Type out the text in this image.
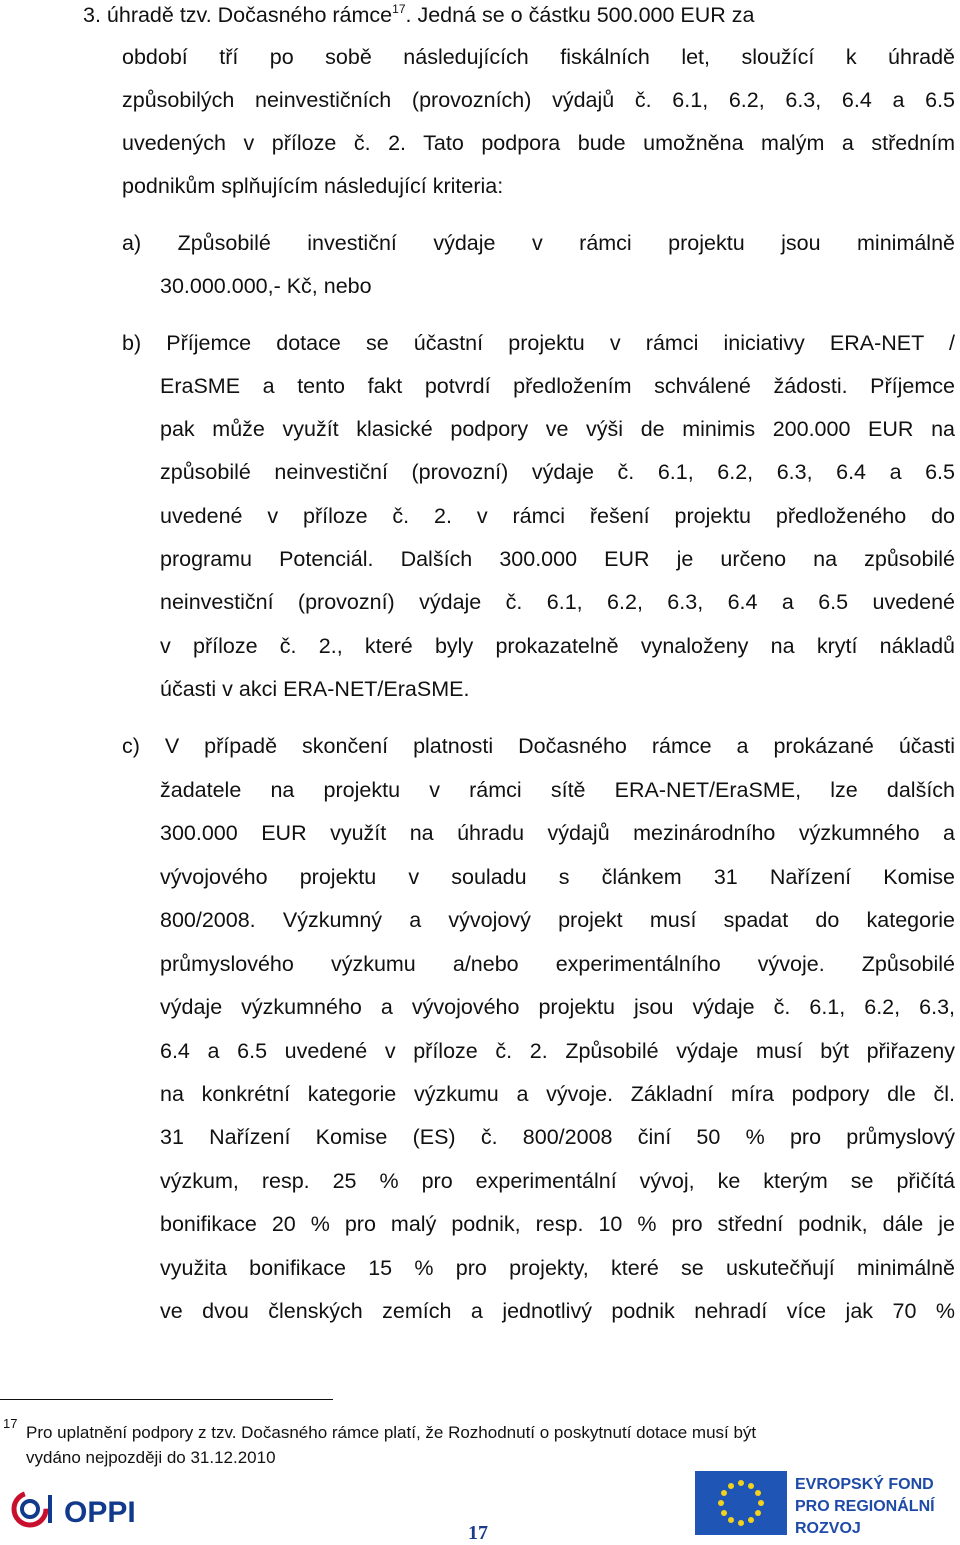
3. úhradě tzv. Dočasného rámce$^{17}$. Jedná se o částku 500.000 EUR za
období tří po sobě následujících fiskálních let, sloužící k úhradě
způsobilých neinvestičních (provozních) výdajů č. 6.1, 6.2, 6.3, 6.4 a 6.5
uvedených v příloze č. 2. Tato podpora bude umožněna malým a středním
podnikům splňujícím následující kriteria:
a) Způsobilé investiční výdaje v rámci projektu jsou minimálně
30.000.000,- Kč, nebo
b) Příjemce dotace se účastní projektu v rámci iniciativy ERA-NET /
EraSME a tento fakt potvrdí předložením schválené žádosti. Příjemce
pak může využít klasické podpory ve výši de minimis 200.000 EUR na
způsobilé neinvestiční (provozní) výdaje č. 6.1, 6.2, 6.3, 6.4 a 6.5
uvedené v příloze č. 2. v rámci řešení projektu předloženého do
programu Potenciál. Dalších 300.000 EUR je určeno na způsobilé
neinvestiční (provozní) výdaje č. 6.1, 6.2, 6.3, 6.4 a 6.5 uvedené
v příloze č. 2., které byly prokazatelně vynaloženy na krytí nákladů
účasti v akci ERA-NET/EraSME.
c) V případě skončení platnosti Dočasného rámce a prokázané účasti
žadatele na projektu v rámci sítě ERA-NET/EraSME, lze dalších
300.000 EUR využít na úhradu výdajů mezinárodního výzkumného a
vývojového projektu v souladu s článkem 31 Nařízení Komise
800/2008. Výzkumný a vývojový projekt musí spadat do kategorie
průmyslového výzkumu a/nebo experimentálního vývoje. Způsobilé
výdaje výzkumného a vývojového projektu jsou výdaje č. 6.1, 6.2, 6.3,
6.4 a 6.5 uvedené v příloze č. 2. Způsobilé výdaje musí být přiřazeny
na konkrétní kategorie výzkumu a vývoje. Základní míra podpory dle čl.
31 Nařízení Komise (ES) č. 800/2008 činí 50 % pro průmyslový
výzkum, resp. 25 % pro experimentální vývoj, ke kterým se přičítá
bonifikace 20 % pro malý podnik, resp. 10 % pro střední podnik, dále je
využita bonifikace 15 % pro projekty, které se uskutečňují minimálně
ve dvou členských zemích a jednotlivý podnik nehradí více jak 70 %
17 Pro uplatnění podpory z tzv. Dočasného rámce platí, že Rozhodnutí o poskytnutí dotace musí být
vydáno nejpozději do 31.12.2010
OPPI
17
EVROPSKÝ FOND
PRO REGIONÁLNÍ
ROZVOJ
